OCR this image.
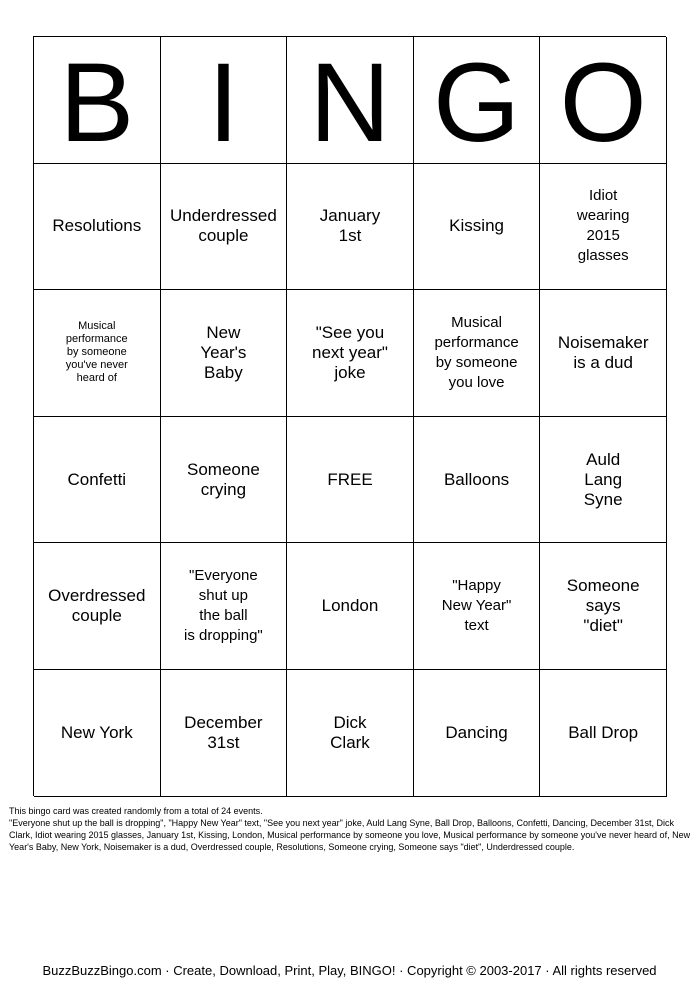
B I N G O
Resolutions
Underdressed
couple
January
1st
Kissing
Idiot
wearing
2015
glasses
Musical
performance
by someone
you've never
heard of
New
Year's
Baby
"See you
next year"
joke
Musical
performance
by someone
you love
Noisemaker
is a dud
Confetti
Someone
crying
FREE	Balloons
Auld
Lang
Syne
Overdressed
couple
"Everyone
shut up
the ball
is dropping"
London
"Happy
New Year"
text
Someone
says
"diet"
New York
December
31st
Dick
Clark
Dancing	Ball Drop

This bingo card was created randomly from a total of 24 events.

"Everyone shut up the ball is dropping", "Happy New Year" text, "See you next year" joke, Auld Lang Syne, Ball Drop, Balloons, Confetti, Dancing, December 31st, Dick Clark, Idiot wearing 2015 glasses, January 1st, Kissing, London, Musical performance by someone you love, Musical performance by someone you've never heard of, New Year's Baby, New York, Noisemaker is a dud, Overdressed couple, Resolutions, Someone crying, Someone says "diet", Underdressed couple.

BuzzBuzzBingo.com · Create, Download, Print, Play, BINGO! · Copyright © 2003-2017 · All rights reserved
